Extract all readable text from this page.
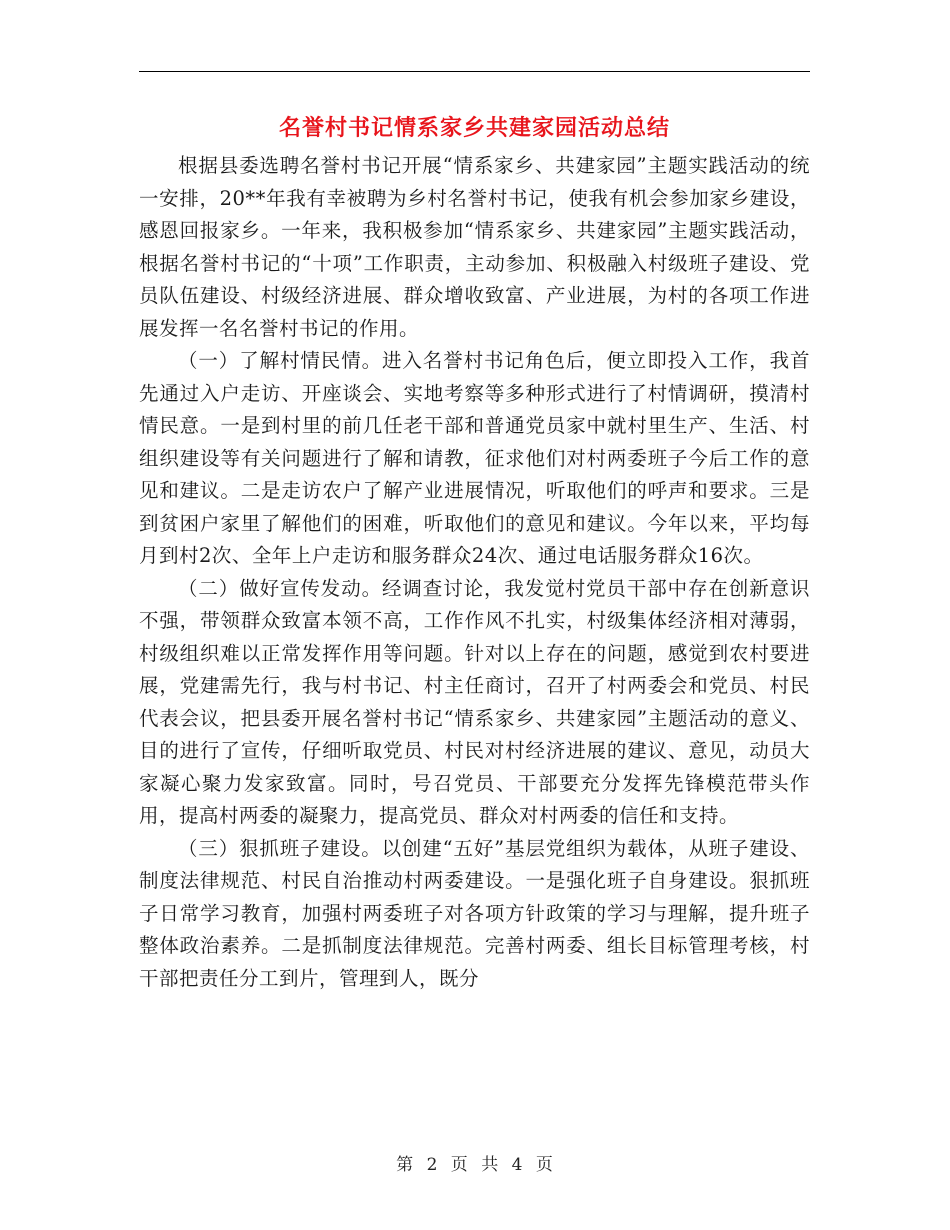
名誉村书记情系家乡共建家园活动总结

根据县委选聘名誉村书记开展“情系家乡、共建家园”主题实践活动的统一安排，20**年我有幸被聘为乡村名誉村书记，使我有机会参加家乡建设，感恩回报家乡。一年来，我积极参加“情系家乡、共建家园”主题实践活动，根据名誉村书记的“十项”工作职责，主动参加、积极融入村级班子建设、党员队伍建设、村级经济进展、群众增收致富、产业进展，为村的各项工作进展发挥一名名誉村书记的作用。

（一）了解村情民情。进入名誉村书记角色后，便立即投入工作，我首先通过入户走访、开座谈会、实地考察等多种形式进行了村情调研，摸清村情民意。一是到村里的前几任老干部和普通党员家中就村里生产、生活、村组织建设等有关问题进行了解和请教，征求他们对村两委班子今后工作的意见和建议。二是走访农户了解产业进展情况，听取他们的呼声和要求。三是到贫困户家里了解他们的困难，听取他们的意见和建议。今年以来，平均每月到村2次、全年上户走访和服务群众24次、通过电话服务群众16次。

（二）做好宣传发动。经调查讨论，我发觉村党员干部中存在创新意识不强，带领群众致富本领不高，工作作风不扎实，村级集体经济相对薄弱，村级组织难以正常发挥作用等问题。针对以上存在的问题，感觉到农村要进展，党建需先行，我与村书记、村主任商讨，召开了村两委会和党员、村民代表会议，把县委开展名誉村书记“情系家乡、共建家园”主题活动的意义、目的进行了宣传，仔细听取党员、村民对村经济进展的建议、意见，动员大家凝心聚力发家致富。同时，号召党员、干部要充分发挥先锋模范带头作用，提高村两委的凝聚力，提高党员、群众对村两委的信任和支持。

（三）狠抓班子建设。以创建“五好”基层党组织为载体，从班子建设、制度法律规范、村民自治推动村两委建设。一是强化班子自身建设。狠抓班子日常学习教育，加强村两委班子对各项方针政策的学习与理解，提升班子整体政治素养。二是抓制度法律规范。完善村两委、组长目标管理考核，村干部把责任分工到片，管理到人，既分

第 2 页 共 4 页
